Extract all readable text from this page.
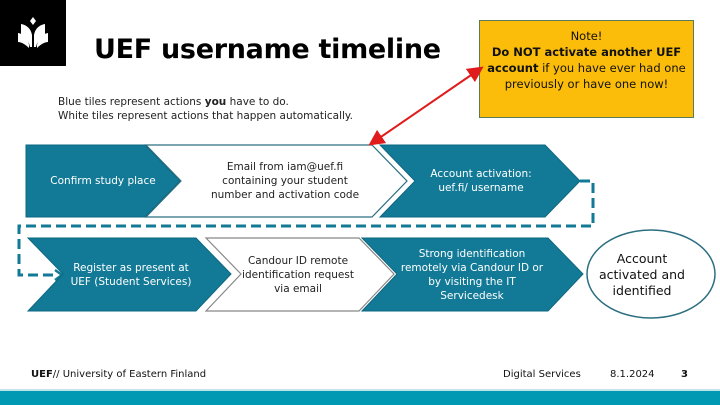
UEF username timeline
Blue tiles represent actions you have to do.
White tiles represent actions that happen automatically.
Note!
Do NOT activate another UEF account if you have ever had one previously or have one now!
Confirm study place
Email from iam@uef.fi containing your student number and activation code
Account activation: uef.fi/ username
Register as present at UEF (Student Services)
Candour ID remote identification request via email
Strong identification remotely via Candour ID or by visiting the IT Servicedesk
Account activated and identified
UEF// University of Eastern Finland	Digital Services	8.1.2024	3
